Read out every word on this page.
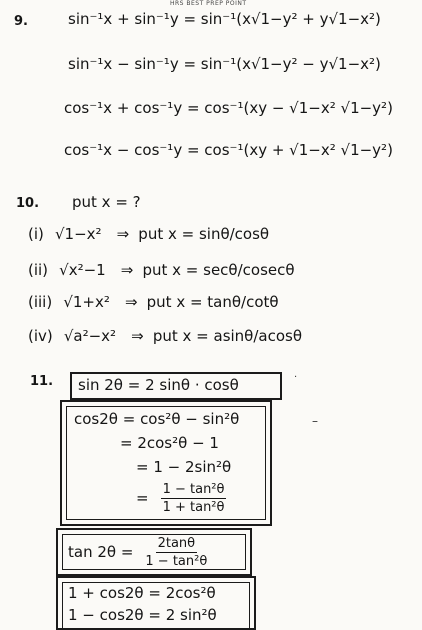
HRS BEST PREP POINT
9.	sin⁻¹x + sin⁻¹y = sin⁻¹(x√1−y² + y√1−x²)
sin⁻¹x − sin⁻¹y = sin⁻¹(x√1−y² − y√1−x²)
cos⁻¹x + cos⁻¹y = cos⁻¹(xy − √1−x² √1−y²)
cos⁻¹x − cos⁻¹y = cos⁻¹(xy + √1−x² √1−y²)
10. put x = ?
(i) √1−x² ⇒ put x = sinθ/cosθ
(ii) √x²−1 ⇒ put x = secθ/cosecθ
(iii) √1+x² ⇒ put x = tanθ/cotθ
(iv) √a²−x² ⇒ put x = asinθ/acosθ
11. sin 2θ = 2 sinθ · cosθ	·
cos2θ = cos²θ − sin²θ
= 2cos²θ − 1
= 1 − 2sin²θ
= $\frac{\text{1 − tan²θ}}{\text{1 + tan²θ}}$
–
$\tan 2\theta = \frac{2\tan\theta}{\text{1 − tan²θ}}$
1 + cos2θ = 2cos²θ
1 − cos2θ = 2 sin²θ
